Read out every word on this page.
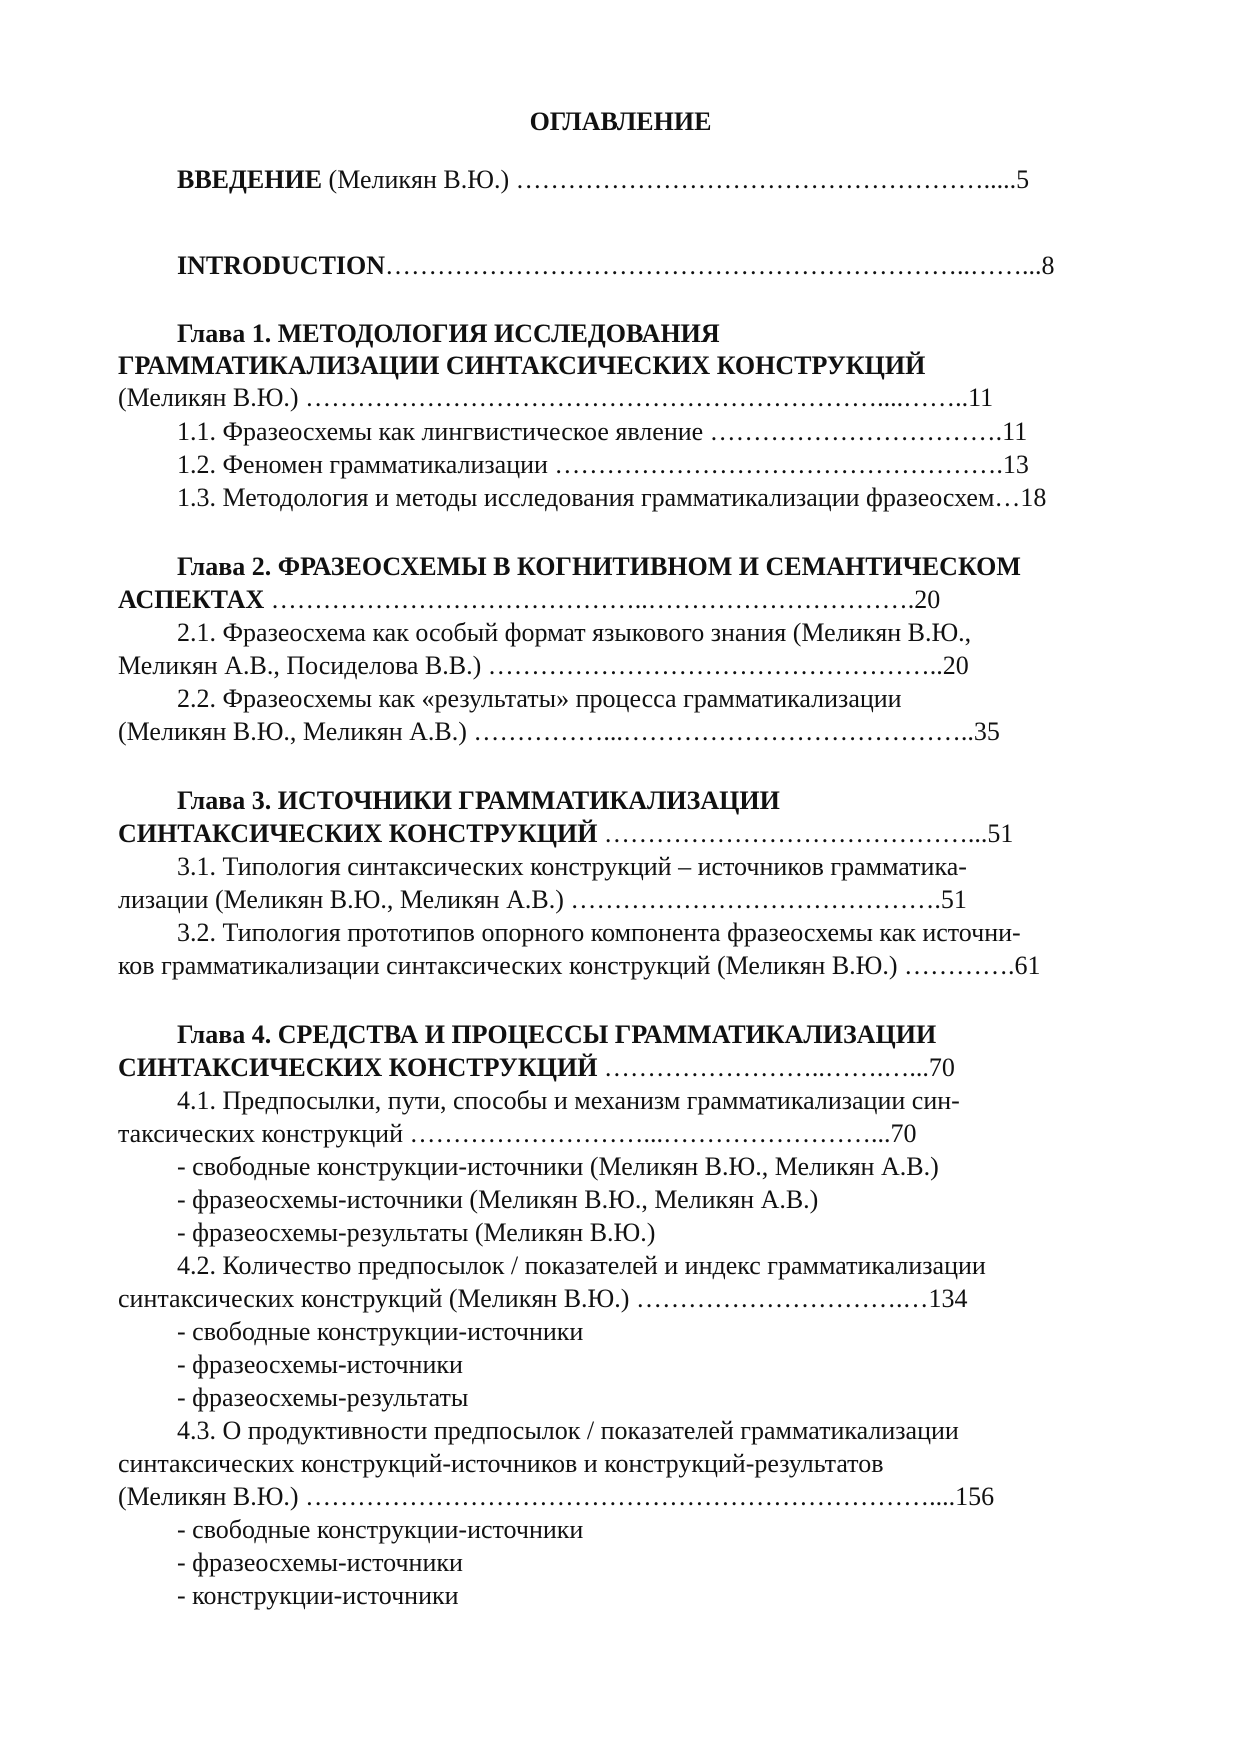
ОГЛАВЛЕНИЕ

ВВЕДЕНИЕ (Меликян В.Ю.) ……………………………………………….....5

INTRODUCTION…………………………………………………………..……...8

Глава 1. МЕТОДОЛОГИЯ ИССЛЕДОВАНИЯ

ГРАММАТИКАЛИЗАЦИИ СИНТАКСИЧЕСКИХ КОНСТРУКЦИЙ

(Меликян В.Ю.) …………………………………………………………....……..11

1.1. Фразеосхемы как лингвистическое явление …………………………….11

1.2. Феномен грамматикализации …………………………………………….13

1.3. Методология и методы исследования грамматикализации фразеосхем…18

Глава 2. ФРАЗЕОСХЕМЫ В КОГНИТИВНОМ И СЕМАНТИЧЕСКОМ

АСПЕКТАХ ……………………………………..………………………….20

2.1. Фразеосхема как особый формат языкового знания (Меликян В.Ю.,

Меликян А.В., Посиделова В.В.) ……………………………………………..20

2.2. Фразеосхемы как «результаты» процесса грамматикализации

(Меликян В.Ю., Меликян А.В.) ……………...…………………………………..35

Глава 3. ИСТОЧНИКИ ГРАММАТИКАЛИЗАЦИИ

СИНТАКСИЧЕСКИХ КОНСТРУКЦИЙ ……………………………………...51

3.1. Типология синтаксических конструкций – источников грамматика-

лизации (Меликян В.Ю., Меликян А.В.) …………………………………….51

3.2. Типология прототипов опорного компонента фразеосхемы как источни-

ков грамматикализации синтаксических конструкций (Меликян В.Ю.) ………….61

Глава 4. СРЕДСТВА И ПРОЦЕССЫ ГРАММАТИКАЛИЗАЦИИ

СИНТАКСИЧЕСКИХ КОНСТРУКЦИЙ ……………………..…….…...70

4.1. Предпосылки, пути, способы и механизм грамматикализации син-

таксических конструкций ………………………...……………………...70

- свободные конструкции-источники (Меликян В.Ю., Меликян А.В.)

- фразеосхемы-источники (Меликян В.Ю., Меликян А.В.)

- фразеосхемы-результаты (Меликян В.Ю.)

4.2. Количество предпосылок / показателей и индекс грамматикализации

синтаксических конструкций (Меликян В.Ю.) ………………………….…134

- свободные конструкции-источники

- фразеосхемы-источники

- фразеосхемы-результаты

4.3. О продуктивности предпосылок / показателей грамматикализации

синтаксических конструкций-источников и конструкций-результатов

(Меликян В.Ю.) ………………………………………………………………....156

- свободные конструкции-источники

- фразеосхемы-источники

- конструкции-источники
